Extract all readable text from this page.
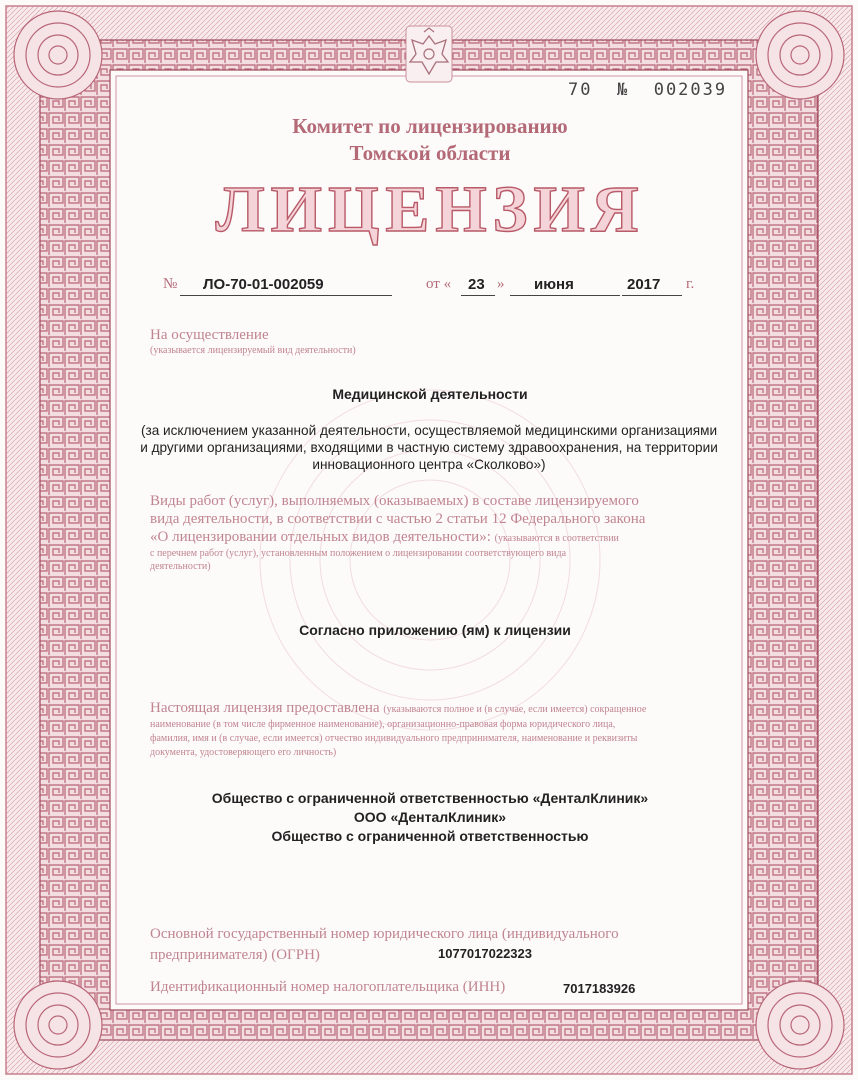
70 № 002039
Комитет по лицензированию
Томской области
ЛИЦЕНЗИЯ
№ ЛО-70-01-002059	от « 23 » июня	2017 г.
На осуществление
(указывается лицензируемый вид деятельности)
Медицинской деятельности
(за исключением указанной деятельности, осуществляемой медицинскими организациями
и другими организациями, входящими в частную систему здравоохранения, на территории
инновационного центра «Сколково»)
Виды работ (услуг), выполняемых (оказываемых) в составе лицензируемого
вида деятельности, в соответствии с частью 2 статьи 12 Федерального закона
«О лицензировании отдельных видов деятельности»: (указываются в соответствии
с перечнем работ (услуг), установленным положением о лицензировании соответствующего вида
деятельности)
Согласно приложению (ям) к лицензии
Настоящая лицензия предоставлена (указываются полное и (в случае, если имеется) сокращенное
наименование (в том числе фирменное наименование), организационно-правовая форма юридического лица,
фамилия, имя и (в случае, если имеется) отчество индивидуального предпринимателя, наименование и реквизиты
документа, удостоверяющего его личность)
Общество с ограниченной ответственностью «ДенталКлиник»
ООО «ДенталКлиник»
Общество с ограниченной ответственностью
Основной государственный номер юридического лица (индивидуального
предпринимателя) (ОГРН)	1077017022323
Идентификационный номер налогоплательщика (ИНН)	7017183926
